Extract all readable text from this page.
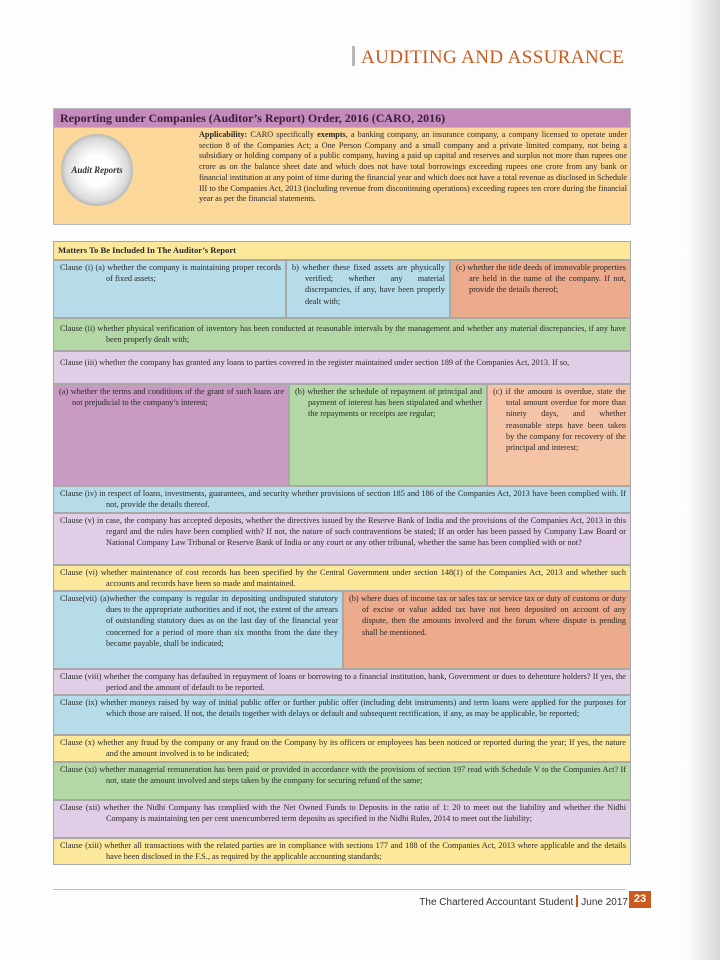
AUDITING AND ASSURANCE
Reporting under Companies (Auditor’s Report) Order, 2016 (CARO, 2016)
Audit Reports
Applicability: CARO specifically exempts, a banking company, an insurance company, a company licensed to operate under section 8 of the Companies Act; a One Person Company and a small company and a private limited company, not being a subsidiary or holding company of a public company, having a paid up capital and reserves and surplus not more than rupees one crore as on the balance sheet date and which does not have total borrowings exceeding rupees one crore from any bank or financial institution at any point of time during the financial year and which does not have a total revenue as disclosed in Schedule III to the Companies Act, 2013 (including revenue from discontinuing operations) exceeding rupees ten crore during the financial year as per the financial statements.
Matters To Be Included In The Auditor’s Report
Clause (i) (a) whether the company is maintaining proper records of fixed assets;
b) whether these fixed assets are physically verified; whether any material discrepancies, if any, have been properly dealt with;
(c) whether the title deeds of immovable properties are held in the name of the company. If not, provide the details thereof;
Clause (ii) whether physical verification of inventory has been conducted at reasonable intervals by the management and whether any material discrepancies, if any have been properly dealt with;
Clause (iii) whether the company has granted any loans to parties covered in the register maintained under section 189 of the Companies Act, 2013. If so,
(a) whether the terms and conditions of the grant of such loans are not prejudicial to the company’s interest;
(b) whether the schedule of repayment of principal and payment of interest has been stipulated and whether the repayments or receipts are regular;
(c) if the amount is overdue, state the total amount overdue for more than ninety days, and whether reasonable steps have been taken by the company for recovery of the principal and interest;
Clause (iv) in respect of loans, investments, guarantees, and security whether provisions of section 185 and 186 of the Companies Act, 2013 have been complied with. If not, provide the details thereof.
Clause (v) in case, the company has accepted deposits, whether the directives issued by the Reserve Bank of India and the provisions of the Companies Act, 2013 in this regard and the rules have been complied with? If not, the nature of such contraventions be stated; If an order has been passed by Company Law Board or National Company Law Tribunal or Reserve Bank of India or any court or any other tribunal, whether the same has been complied with or not?
Clause (vi) whether maintenance of cost records has been specified by the Central Government under section 148(1) of the Companies Act, 2013 and whether such accounts and records have been so made and maintained.
Clause(vii) (a)whether the company is regular in depositing undisputed statutory dues to the appropriate authorities and if not, the extent of the arrears of outstanding statutory dues as on the last day of the financial year concerned for a period of more than six months from the date they became payable, shall be indicated;
(b) where dues of income tax or sales tax or service tax or duty of customs or duty of excise or value added tax have not been deposited on account of any dispute, then the amounts involved and the forum where dispute is pending shall be mentioned.
Clause (viii) whether the company has defaulted in repayment of loans or borrowing to a financial institution, bank, Government or dues to debenture holders? If yes, the period and the amount of default to be reported.
Clause (ix) whether moneys raised by way of initial public offer or further public offer (including debt instruments) and term loans were applied for the purposes for which those are raised. If not, the details together with delays or default and subsequent rectification, if any, as may be applicable, be reported;
Clause (x) whether any fraud by the company or any fraud on the Company by its officers or employees has been noticed or reported during the year; If yes, the nature and the amount involved is to be indicated;
Clause (xi) whether managerial remuneration has been paid or provided in accordance with the provisions of section 197 read with Schedule V to the Companies Act? If not, state the amount involved and steps taken by the company for securing refund of the same;
Clause (xii) whether the Nidhi Company has complied with the Net Owned Funds to Deposits in the ratio of 1: 20 to meet out the liability and whether the Nidhi Company is maintaining ten per cent unencumbered term deposits as specified in the Nidhi Rules, 2014 to meet out the liability;
Clause (xiii) whether all transactions with the related parties are in compliance with sections 177 and 188 of the Companies Act, 2013 where applicable and the details have been disclosed in the F.S., as required by the applicable accounting standards;
The Chartered Accountant Student June 2017 23
